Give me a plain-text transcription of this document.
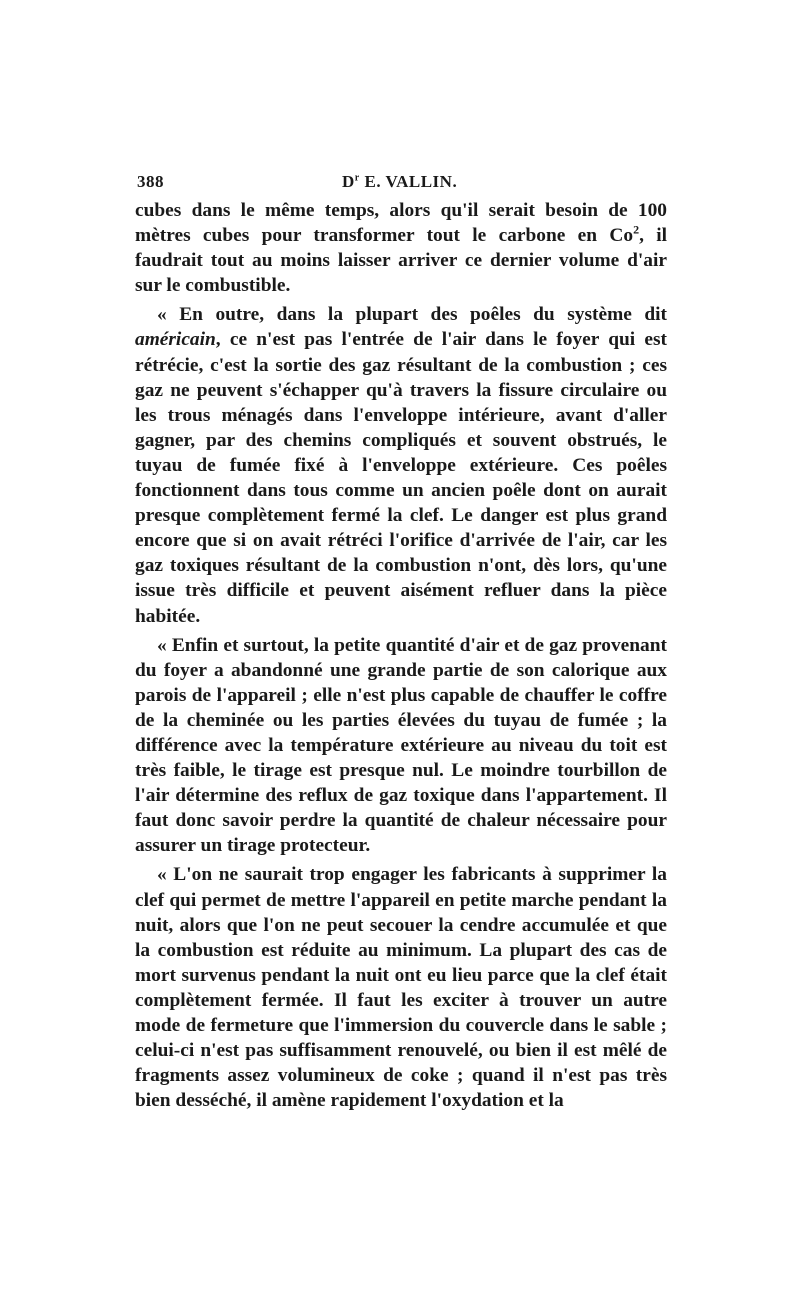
388	$D^r$ E. VALLIN.

cubes dans le même temps, alors qu'il serait besoin de 100 mètres cubes pour transformer tout le carbone en Co$^2$, il faudrait tout au moins laisser arriver ce dernier volume d'air sur le combustible.

« En outre, dans la plupart des poêles du système dit américain, ce n'est pas l'entrée de l'air dans le foyer qui est rétrécie, c'est la sortie des gaz résultant de la combustion ; ces gaz ne peuvent s'échapper qu'à travers la fissure circulaire ou les trous ménagés dans l'enveloppe intérieure, avant d'aller gagner, par des chemins compliqués et souvent obstrués, le tuyau de fumée fixé à l'enveloppe extérieure. Ces poêles fonctionnent dans tous comme un ancien poêle dont on aurait presque complètement fermé la clef. Le danger est plus grand encore que si on avait rétréci l'orifice d'arrivée de l'air, car les gaz toxiques résultant de la combustion n'ont, dès lors, qu'une issue très difficile et peuvent aisément refluer dans la pièce habitée.

« Enfin et surtout, la petite quantité d'air et de gaz provenant du foyer a abandonné une grande partie de son calorique aux parois de l'appareil ; elle n'est plus capable de chauffer le coffre de la cheminée ou les parties élevées du tuyau de fumée ; la différence avec la température extérieure au niveau du toit est très faible, le tirage est presque nul. Le moindre tourbillon de l'air détermine des reflux de gaz toxique dans l'appartement. Il faut donc savoir perdre la quantité de chaleur nécessaire pour assurer un tirage protecteur.

« L'on ne saurait trop engager les fabricants à supprimer la clef qui permet de mettre l'appareil en petite marche pendant la nuit, alors que l'on ne peut secouer la cendre accumulée et que la combustion est réduite au minimum. La plupart des cas de mort survenus pendant la nuit ont eu lieu parce que la clef était complètement fermée. Il faut les exciter à trouver un autre mode de fermeture que l'immersion du couvercle dans le sable ; celui-ci n'est pas suffisamment renouvelé, ou bien il est mêlé de fragments assez volumineux de coke ; quand il n'est pas très bien desséché, il amène rapidement l'oxydation et la
